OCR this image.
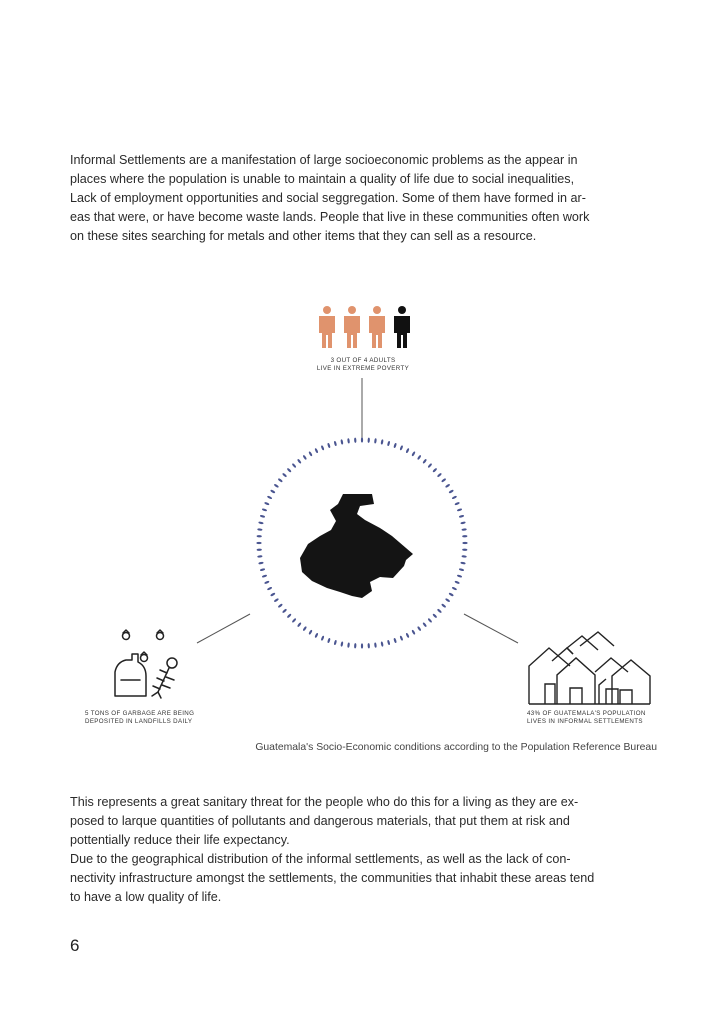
Informal Settlements are a manifestation of large socioeconomic problems as the appear in

places where the population is unable to maintain a quality of life due to social inequalities,

Lack of employment opportunities and social seggregation. Some of them have formed in ar-

eas that were, or have become waste lands. People that live in these communities often work

on these sites searching for metals and other items that they can sell as a resource.

3 OUT OF 4 ADULTS
LIVE IN EXTREME POVERTY
5 TONS OF GARBAGE ARE BEING
DEPOSITED IN LANDFILLS DAILY
43% OF GUATEMALA'S POPULATION
LIVES IN INFORMAL SETTLEMENTS
Guatemala's Socio-Economic conditions according to the Population Reference Bureau

This represents a great sanitary threat for the people who do this for a living as they are ex-

posed to larque quantities of pollutants and dangerous materials, that put them at risk and

pottentially reduce their life expectancy.

Due to the geographical distribution of the informal settlements, as well as the lack of con-

nectivity infrastructure amongst the settlements, the communities that inhabit these areas tend

to have a low quality of life.

6
